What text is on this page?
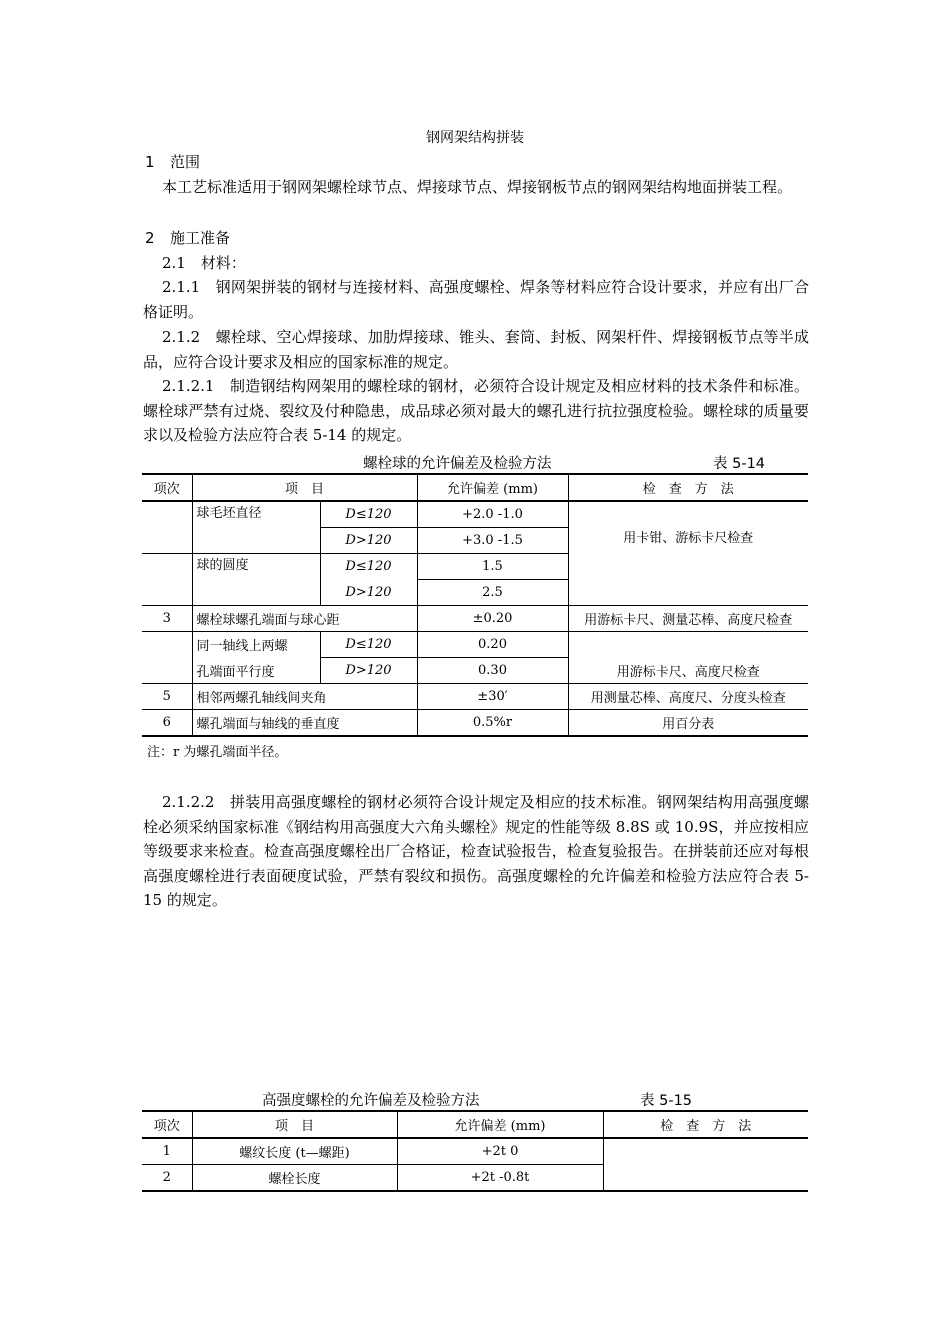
钢网架结构拼装
1 范围
本工艺标准适用于钢网架螺栓球节点、焊接球节点、焊接钢板节点的钢网架结构地面拼装工程。
2 施工准备
2.1　材料：
2.1.1　钢网架拼装的钢材与连接材料、高强度螺栓、焊条等材料应符合设计要求，并应有出厂合格证明。
2.1.2　螺栓球、空心焊接球、加肋焊接球、锥头、套筒、封板、网架杆件、焊接钢板节点等半成品，应符合设计要求及相应的国家标准的规定。
2.1.2.1　制造钢结构网架用的螺栓球的钢材，必须符合设计规定及相应材料的技术条件和标准。螺栓球严禁有过烧、裂纹及付种隐患，成品球必须对最大的螺孔进行抗拉强度检验。螺栓球的质量要求以及检验方法应符合表 5-14 的规定。
螺栓球的允许偏差及检验方法	表 5-14
项次	项　目		允许偏差 (mm)	检　查　方　法
	球毛坯直径	D≤120	+2.0 -1.0	用卡钳、游标卡尺检查
		D>120	+3.0 -1.5	
	球的圆度	D≤120	1.5	
		D>120	2.5	
3	螺栓球螺孔端面与球心距		±0.20	用游标卡尺、测量芯棒、高度尺检查
	同一轴线上两螺	D≤120	0.20	用游标卡尺、高度尺检查
	孔端面平行度	D>120	0.30	
5	相邻两螺孔轴线间夹角		±30′	用测量芯棒、高度尺、分度头检查
6	螺孔端面与轴线的垂直度		0.5%r	用百分表
注：r 为螺孔端面半径。
2.1.2.2　拼装用高强度螺栓的钢材必须符合设计规定及相应的技术标准。钢网架结构用高强度螺栓必须采纳国家标准《钢结构用高强度大六角头螺栓》规定的性能等级 8.8S 或 10.9S，并应按相应等级要求来检查。检查高强度螺栓出厂合格证，检查试验报告，检查复验报告。在拼装前还应对每根高强度螺栓进行表面硬度试验，严禁有裂纹和损伤。高强度螺栓的允许偏差和检验方法应符合表 5-15 的规定。
高强度螺栓的允许偏差及检验方法	表 5-15
项次	项　目	允许偏差 (mm)	检　查　方　法
1	螺纹长度 (t—螺距)	+2t 0	
2	螺栓长度	+2t -0.8t	
